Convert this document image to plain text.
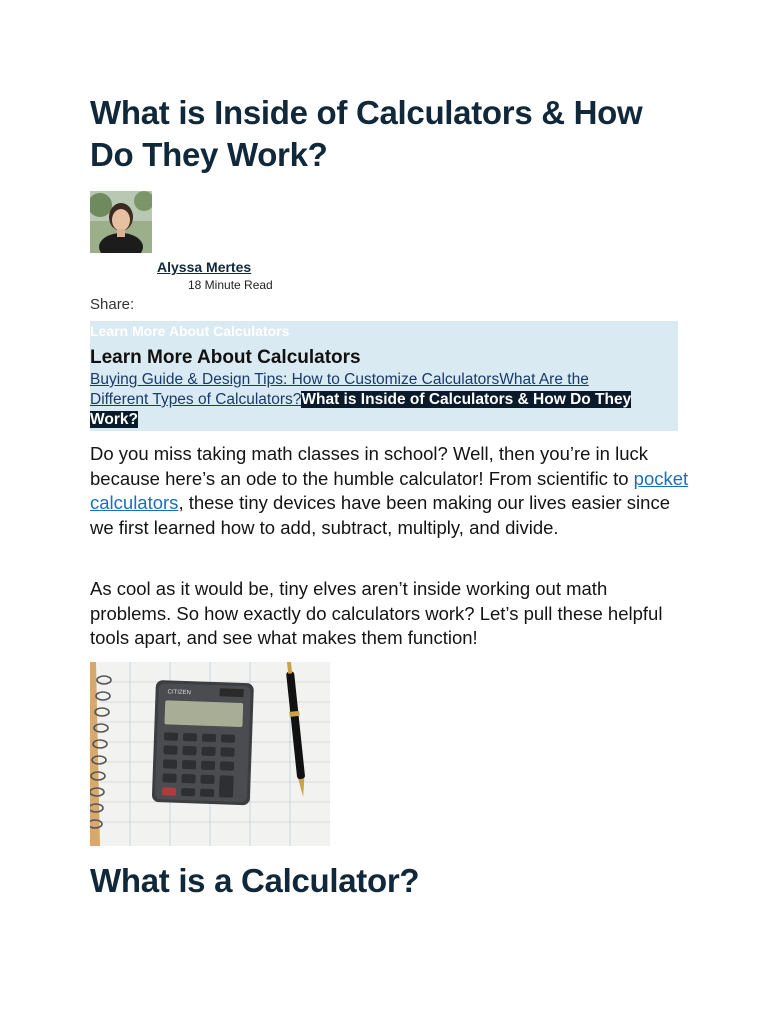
What is Inside of Calculators & How Do They Work?
Alyssa Mertes
18 Minute Read
Share:
Learn More About Calculators
Learn More About Calculators
Buying Guide & Design Tips: How to Customize CalculatorsWhat Are the Different Types of Calculators?What is Inside of Calculators & How Do They Work?

Do you miss taking math classes in school? Well, then you’re in luck because here’s an ode to the humble calculator! From scientific to pocket calculators, these tiny devices have been making our lives easier since we first learned how to add, subtract, multiply, and divide.

As cool as it would be, tiny elves aren’t inside working out math problems. So how exactly do calculators work? Let’s pull these helpful tools apart, and see what makes them function!

CITIZEN
What is a Calculator?
